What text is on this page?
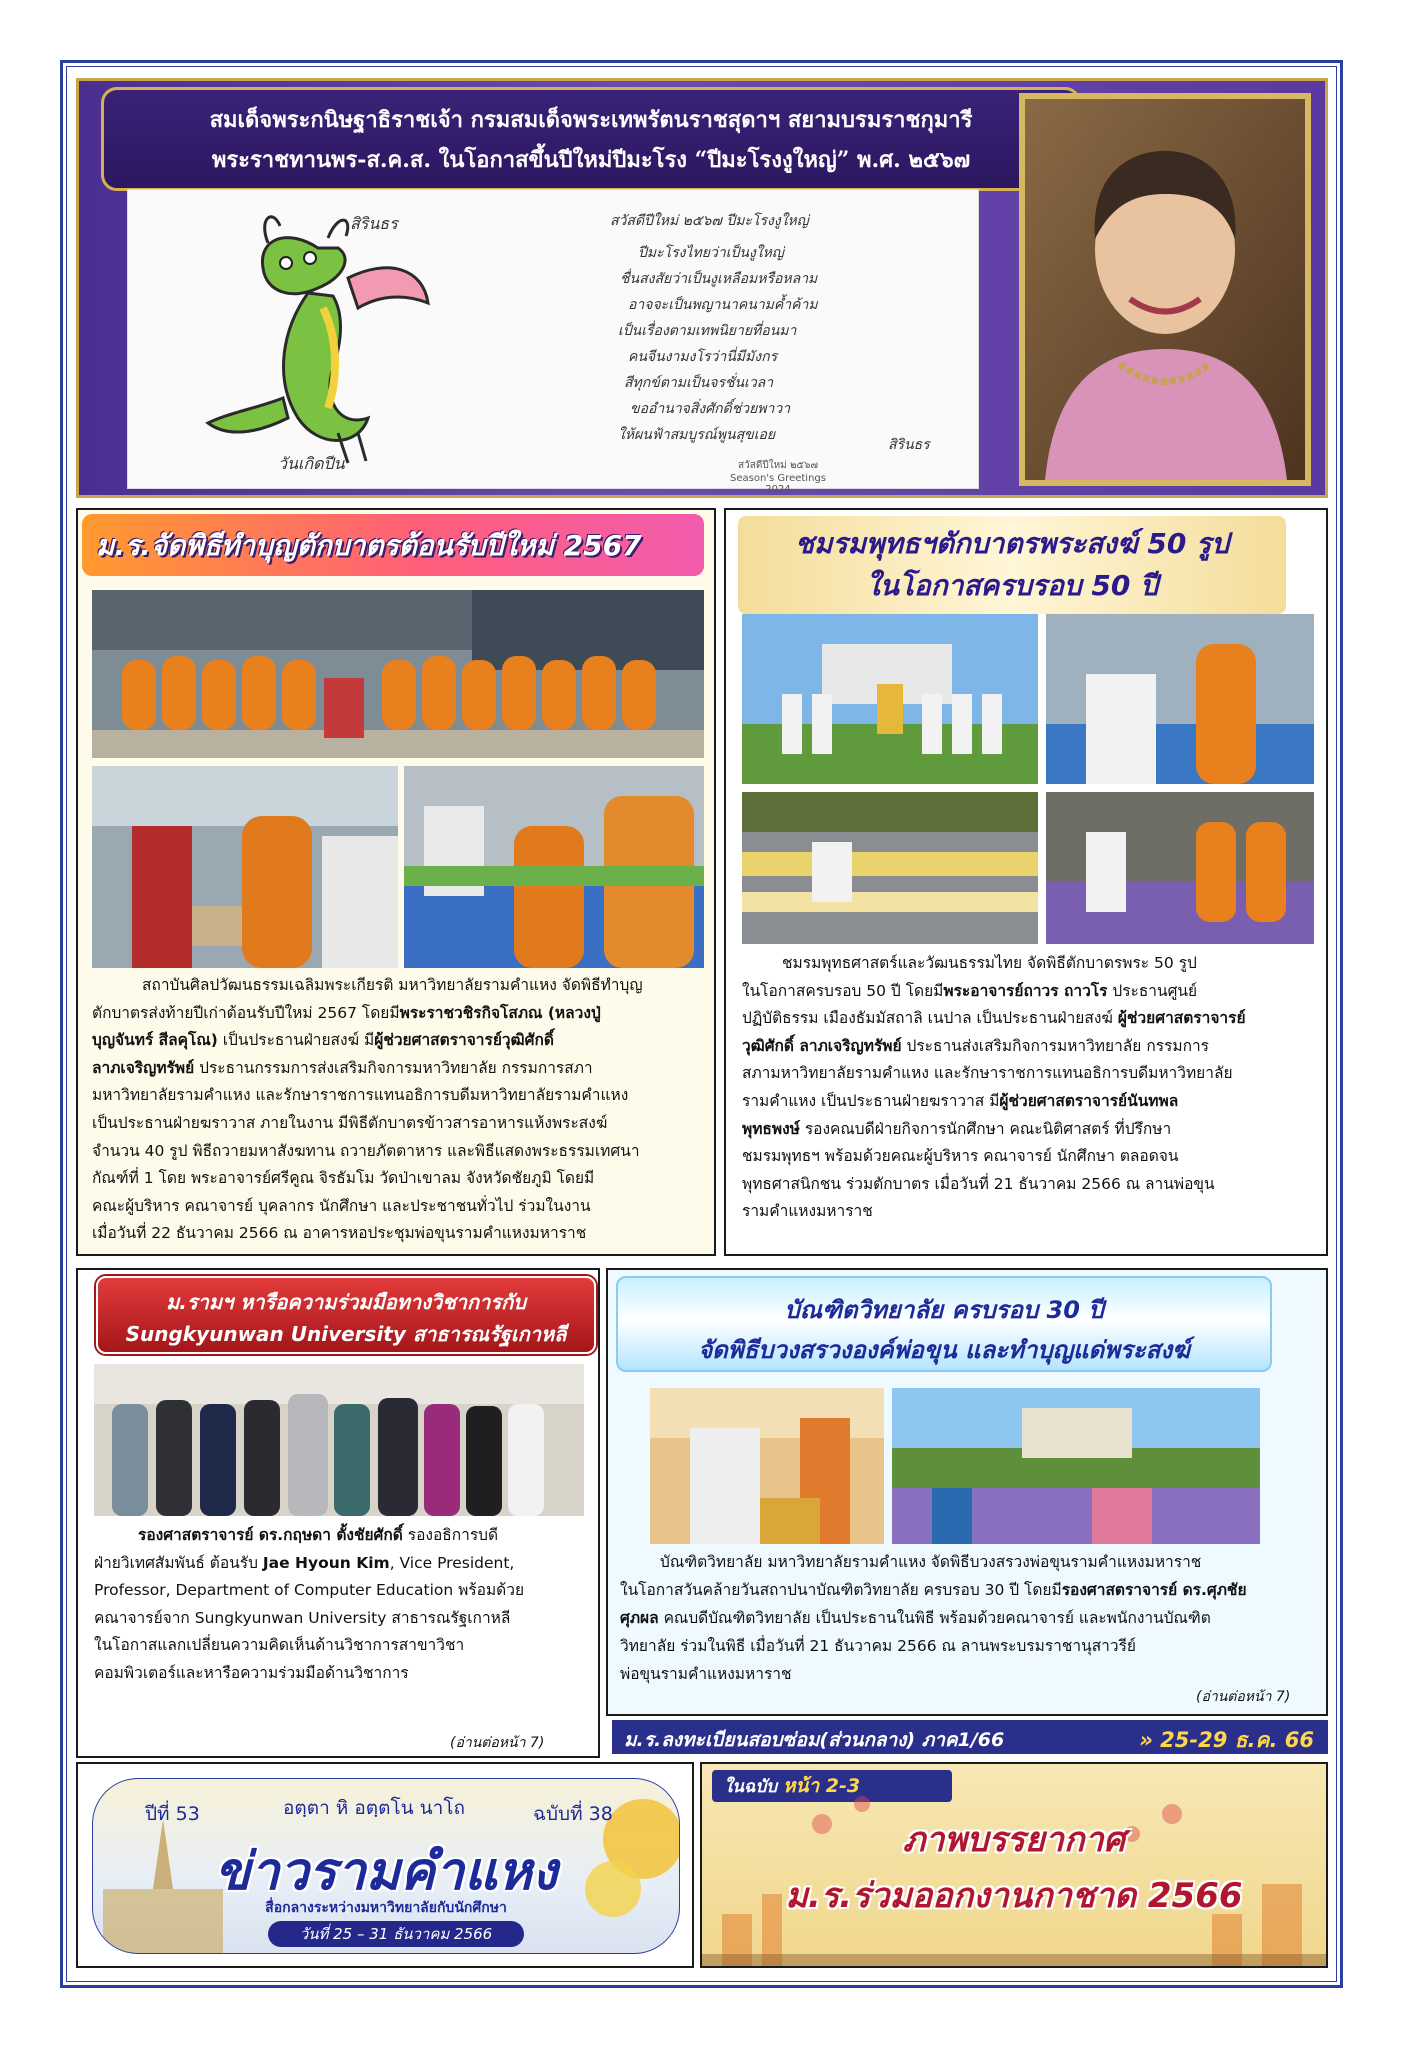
สมเด็จพระกนิษฐาธิราชเจ้า กรมสมเด็จพระเทพรัตนราชสุดาฯ สยามบรมราชกุมารี
พระราชทานพร-ส.ค.ส. ในโอกาสขึ้นปีใหม่ปีมะโรง “ปีมะโรงงูใหญ่” พ.ศ. ๒๕๖๗
สิรินธร
วันเกิดปีน
สวัสดีปีใหม่ ๒๕๖๗ ปีมะโรงงูใหญ่
ปีมะโรงไทยว่าเป็นงูใหญ่
ชื่นสงสัยว่าเป็นงูเหลือมหรือหลาม
อาจจะเป็นพญานาคนามค้ำค้าม
เป็นเรื่องตามเทพนิยายที่อนมา
คนจีนงามงโรว่านี่มีมังกร
สีทุกข์ตามเป็นจรชั่นเวลา
ขออำนาจสิ่งศักดิ์ช่วยพาวา
ให้ผนฟ้าสมบูรณ์พูนสุขเอย
สิรินธร
สวัสดีปีใหม่ ๒๕๖๗
Season's Greetings 2024
ม.ร.จัดพิธีทำบุญตักบาตรต้อนรับปีใหม่ 2567
สถาบันศิลปวัฒนธรรมเฉลิมพระเกียรติ มหาวิทยาลัยรามคำแหง จัดพิธีทำบุญ
ตักบาตรส่งท้ายปีเก่าต้อนรับปีใหม่ 2567 โดยมีพระราชวชิรกิจโสภณ (หลวงปู่
บุญจันทร์ สีลคุโณ) เป็นประธานฝ่ายสงฆ์ มีผู้ช่วยศาสตราจารย์วุฒิศักดิ์
ลาภเจริญทรัพย์ ประธานกรรมการส่งเสริมกิจการมหาวิทยาลัย กรรมการสภา
มหาวิทยาลัยรามคำแหง และรักษาราชการแทนอธิการบดีมหาวิทยาลัยรามคำแหง
เป็นประธานฝ่ายฆราวาส ภายในงาน มีพิธีตักบาตรข้าวสารอาหารแห้งพระสงฆ์
จำนวน 40 รูป พิธีถวายมหาสังฆทาน ถวายภัตตาหาร และพิธีแสดงพระธรรมเทศนา
กัณฑ์ที่ 1 โดย พระอาจารย์ศรีคูณ จิรธัมโม วัดป่าเขาลม จังหวัดชัยภูมิ โดยมี
คณะผู้บริหาร คณาจารย์ บุคลากร นักศึกษา และประชาชนทั่วไป ร่วมในงาน
เมื่อวันที่ 22 ธันวาคม 2566 ณ อาคารหอประชุมพ่อขุนรามคำแหงมหาราช
ชมรมพุทธฯตักบาตรพระสงฆ์ 50 รูป
ในโอกาสครบรอบ 50 ปี
ชมรมพุทธศาสตร์และวัฒนธรรมไทย จัดพิธีตักบาตรพระ 50 รูป
ในโอกาสครบรอบ 50 ปี โดยมีพระอาจารย์ถาวร ถาวโร ประธานศูนย์
ปฏิบัติธรรม เมืองธัมมัสถาลิ เนปาล เป็นประธานฝ่ายสงฆ์ ผู้ช่วยศาสตราจารย์
วุฒิศักดิ์ ลาภเจริญทรัพย์ ประธานส่งเสริมกิจการมหาวิทยาลัย กรรมการ
สภามหาวิทยาลัยรามคำแหง และรักษาราชการแทนอธิการบดีมหาวิทยาลัย
รามคำแหง เป็นประธานฝ่ายฆราวาส มีผู้ช่วยศาสตราจารย์นันทพล
พุทธพงษ์ รองคณบดีฝ่ายกิจการนักศึกษา คณะนิติศาสตร์ ที่ปรึกษา
ชมรมพุทธฯ พร้อมด้วยคณะผู้บริหาร คณาจารย์ นักศึกษา ตลอดจน
พุทธศาสนิกชน ร่วมตักบาตร เมื่อวันที่ 21 ธันวาคม 2566 ณ ลานพ่อขุน
รามคำแหงมหาราช
ม.รามฯ หารือความร่วมมือทางวิชาการกับ
Sungkyunwan University สาธารณรัฐเกาหลี
รองศาสตราจารย์ ดร.กฤษดา ตั้งชัยศักดิ์ รองอธิการบดี
ฝ่ายวิเทศสัมพันธ์ ต้อนรับ Jae Hyoun Kim, Vice President,
Professor, Department of Computer Education พร้อมด้วย
คณาจารย์จาก Sungkyunwan University สาธารณรัฐเกาหลี
ในโอกาสแลกเปลี่ยนความคิดเห็นด้านวิชาการสาขาวิชา
คอมพิวเตอร์และหารือความร่วมมือด้านวิชาการ
(อ่านต่อหน้า 7)
บัณฑิตวิทยาลัย ครบรอบ 30 ปี
จัดพิธีบวงสรวงองค์พ่อขุน และทำบุญแด่พระสงฆ์
บัณฑิตวิทยาลัย มหาวิทยาลัยรามคำแหง จัดพิธีบวงสรวงพ่อขุนรามคำแหงมหาราช
ในโอกาสวันคล้ายวันสถาปนาบัณฑิตวิทยาลัย ครบรอบ 30 ปี โดยมีรองศาสตราจารย์ ดร.ศุภชัย
ศุภผล คณบดีบัณฑิตวิทยาลัย เป็นประธานในพิธี พร้อมด้วยคณาจารย์ และพนักงานบัณฑิต
วิทยาลัย ร่วมในพิธี เมื่อวันที่ 21 ธันวาคม 2566 ณ ลานพระบรมราชานุสาวรีย์
พ่อขุนรามคำแหงมหาราช
(อ่านต่อหน้า 7)
ม.ร.ลงทะเบียนสอบซ่อม(ส่วนกลาง) ภาค1/66	» 25-29 ธ.ค. 66
ปีที่ 53	อตฺตา หิ อตฺตโน นาโถ	ฉบับที่ 38
ข่าวรามคำแหง
สื่อกลางระหว่างมหาวิทยาลัยกับนักศึกษา
วันที่ 25 – 31 ธันวาคม 2566
ในฉบับ หน้า 2-3
ภาพบรรยากาศ
ม.ร.ร่วมออกงานกาชาด 2566
